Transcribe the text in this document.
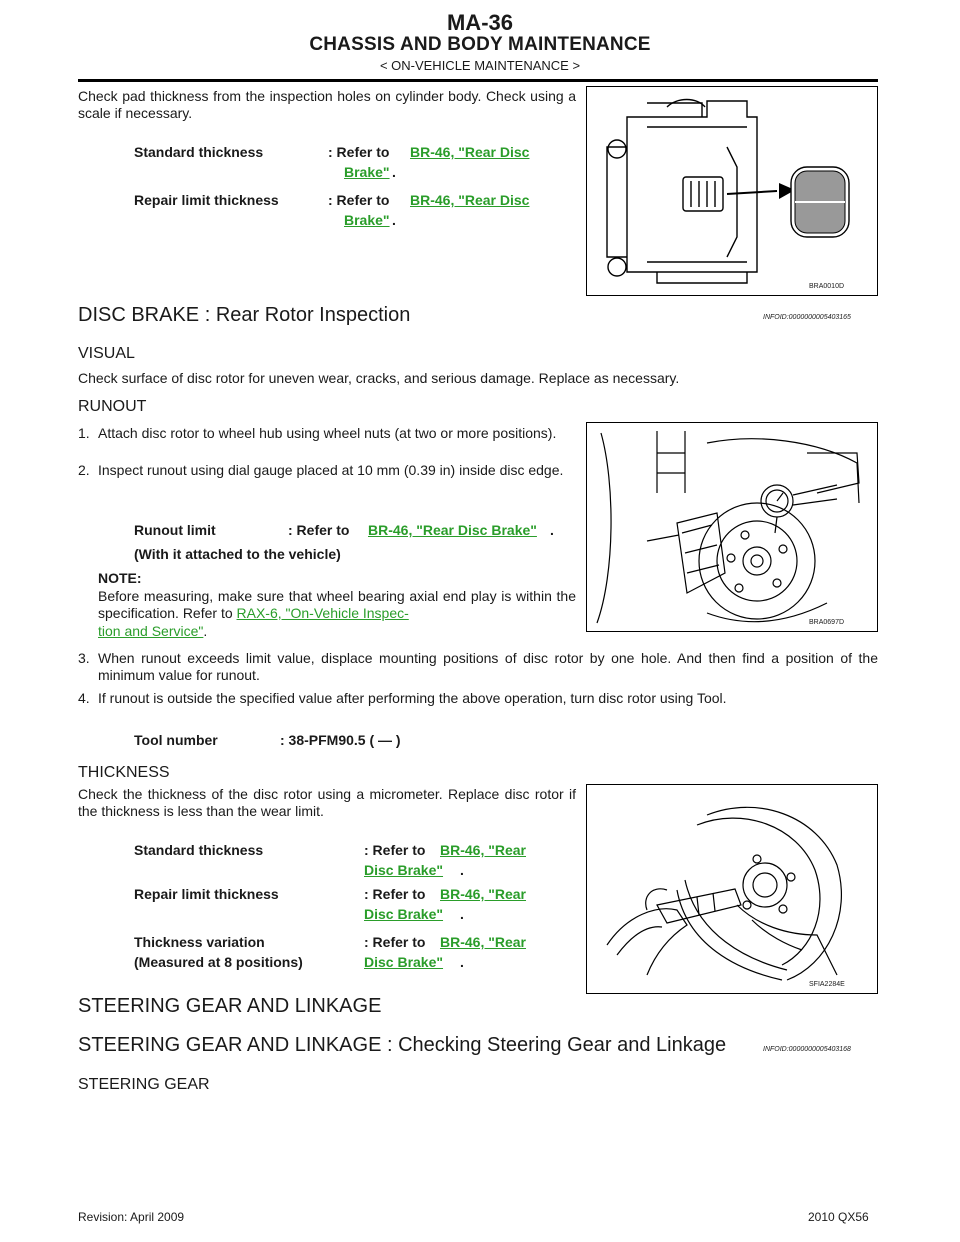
MA-36
CHASSIS AND BODY MAINTENANCE
< ON-VEHICLE MAINTENANCE >
Check pad thickness from the inspection holes on cylinder body. Check using a scale if necessary.
Standard thickness	: Refer to BR-46, "Rear Disc
Brake" .
Repair limit thickness	: Refer to BR-46, "Rear Disc
Brake" .
BRA0010D
DISC BRAKE : Rear Rotor Inspection	INFOID:0000000005403165
VISUAL
Check surface of disc rotor for uneven wear, cracks, and serious damage. Replace as necessary.
RUNOUT
1. Attach disc rotor to wheel hub using wheel nuts (at two or more positions).
2. Inspect runout using dial gauge placed at 10 mm (0.39 in) inside disc edge.
Runout limit	: Refer to BR-46, "Rear Disc Brake" .
(With it attached to the vehicle)
NOTE:
Before measuring, make sure that wheel bearing axial end play is within the specification. Refer to RAX-6, "On-Vehicle Inspec-
tion and Service".
BRA0697D
3. When runout exceeds limit value, displace mounting positions of disc rotor by one hole. And then find a position of the minimum value for runout.
4. If runout is outside the specified value after performing the above operation, turn disc rotor using Tool.
Tool number	: 38-PFM90.5 ( — )
THICKNESS
Check the thickness of the disc rotor using a micrometer. Replace disc rotor if the thickness is less than the wear limit.
Standard thickness	: Refer to BR-46, "Rear
Disc Brake" .
Repair limit thickness	: Refer to BR-46, "Rear
Disc Brake" .
Thickness variation	: Refer to BR-46, "Rear
(Measured at 8 positions)	Disc Brake" .
SFIA2284E
STEERING GEAR AND LINKAGE
STEERING GEAR AND LINKAGE : Checking Steering Gear and Linkage	INFOID:0000000005403168
STEERING GEAR
Revision: April 2009	2010 QX56
